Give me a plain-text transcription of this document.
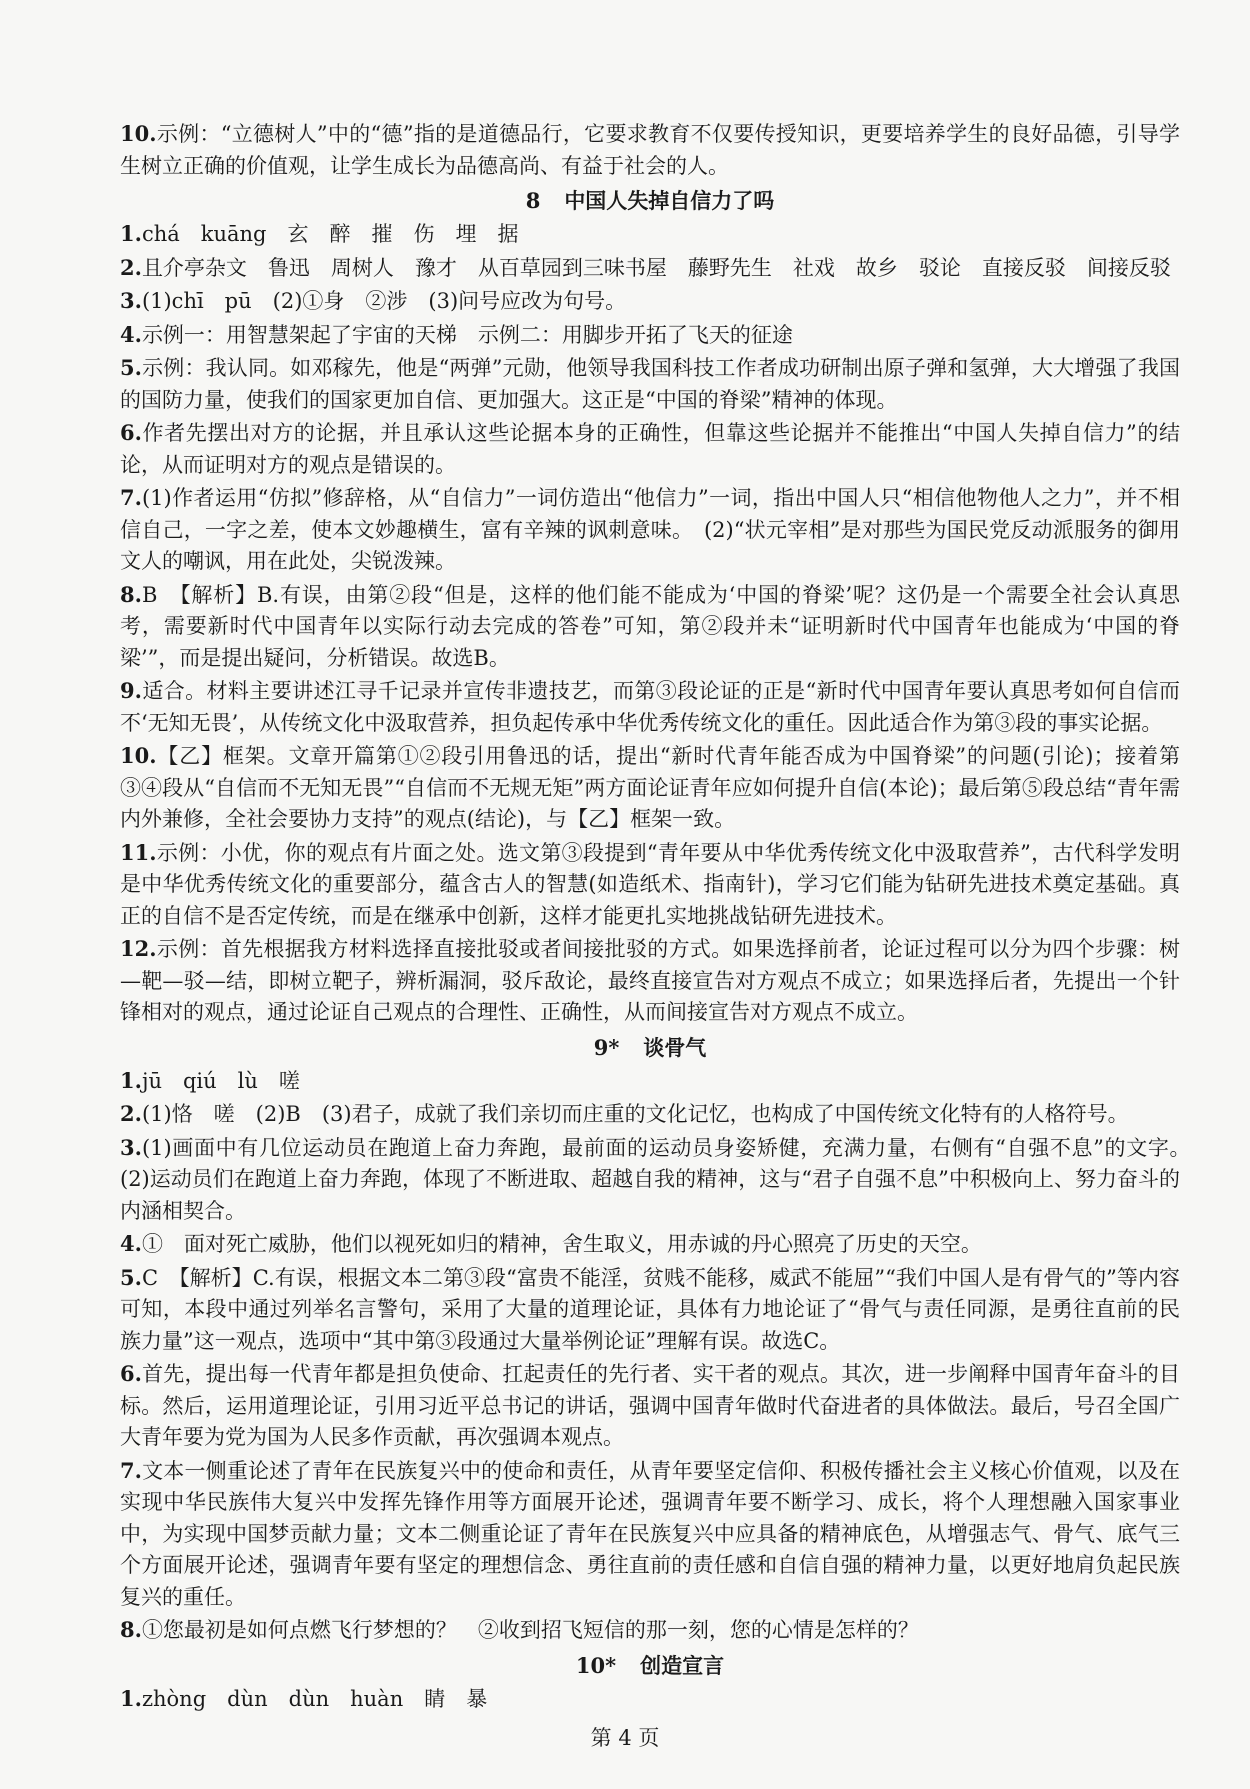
10.示例：“立德树人”中的“德”指的是道德品行，它要求教育不仅要传授知识，更要培养学生的良好品德，引导学生树立正确的价值观，让学生成长为品德高尚、有益于社会的人。
8 中国人失掉自信力了吗
1.chá　kuāng　玄　醉　摧　伤　埋　据
2.且介亭杂文　鲁迅　周树人　豫才　从百草园到三味书屋　藤野先生　社戏　故乡　驳论　直接反驳　间接反驳
3.(1)chī　pū　(2)①身　②涉　(3)问号应改为句号。
4.示例一：用智慧架起了宇宙的天梯　示例二：用脚步开拓了飞天的征途
5.示例：我认同。如邓稼先，他是“两弹”元勋，他领导我国科技工作者成功研制出原子弹和氢弹，大大增强了我国的国防力量，使我们的国家更加自信、更加强大。这正是“中国的脊梁”精神的体现。
6.作者先摆出对方的论据，并且承认这些论据本身的正确性，但靠这些论据并不能推出“中国人失掉自信力”的结论，从而证明对方的观点是错误的。
7.(1)作者运用“仿拟”修辞格，从“自信力”一词仿造出“他信力”一词，指出中国人只“相信他物他人之力”，并不相信自己，一字之差，使本文妙趣横生，富有辛辣的讽刺意味。　(2)“状元宰相”是对那些为国民党反动派服务的御用文人的嘲讽，用在此处，尖锐泼辣。
8.B　【解析】B.有误，由第②段“但是，这样的他们能不能成为‘中国的脊梁’呢？这仍是一个需要全社会认真思考，需要新时代中国青年以实际行动去完成的答卷”可知，第②段并未“证明新时代中国青年也能成为‘中国的脊梁’”，而是提出疑问，分析错误。故选B。
9.适合。材料主要讲述江寻千记录并宣传非遗技艺，而第③段论证的正是“新时代中国青年要认真思考如何自信而不‘无知无畏’，从传统文化中汲取营养，担负起传承中华优秀传统文化的重任。因此适合作为第③段的事实论据。
10.【乙】框架。文章开篇第①②段引用鲁迅的话，提出“新时代青年能否成为中国脊梁”的问题(引论)；接着第③④段从“自信而不无知无畏”“自信而不无规无矩”两方面论证青年应如何提升自信(本论)；最后第⑤段总结“青年需内外兼修，全社会要协力支持”的观点(结论)，与【乙】框架一致。
11.示例：小优，你的观点有片面之处。选文第③段提到“青年要从中华优秀传统文化中汲取营养”，古代科学发明是中华优秀传统文化的重要部分，蕴含古人的智慧(如造纸术、指南针)，学习它们能为钻研先进技术奠定基础。真正的自信不是否定传统，而是在继承中创新，这样才能更扎实地挑战钻研先进技术。
12.示例：首先根据我方材料选择直接批驳或者间接批驳的方式。如果选择前者，论证过程可以分为四个步骤：树—靶—驳—结，即树立靶子，辨析漏洞，驳斥敌论，最终直接宣告对方观点不成立；如果选择后者，先提出一个针锋相对的观点，通过论证自己观点的合理性、正确性，从而间接宣告对方观点不成立。
9* 谈骨气
1.jū　qiú　lù　嗟
2.(1)恪　嗟　(2)B　(3)君子，成就了我们亲切而庄重的文化记忆，也构成了中国传统文化特有的人格符号。
3.(1)画面中有几位运动员在跑道上奋力奔跑，最前面的运动员身姿矫健，充满力量，右侧有“自强不息”的文字。　(2)运动员们在跑道上奋力奔跑，体现了不断进取、超越自我的精神，这与“君子自强不息”中积极向上、努力奋斗的内涵相契合。
4.①　面对死亡威胁，他们以视死如归的精神，舍生取义，用赤诚的丹心照亮了历史的天空。
5.C　【解析】C.有误，根据文本二第③段“富贵不能淫，贫贱不能移，威武不能屈”“我们中国人是有骨气的”等内容可知，本段中通过列举名言警句，采用了大量的道理论证，具体有力地论证了“骨气与责任同源，是勇往直前的民族力量”这一观点，选项中“其中第③段通过大量举例论证”理解有误。故选C。
6.首先，提出每一代青年都是担负使命、扛起责任的先行者、实干者的观点。其次，进一步阐释中国青年奋斗的目标。然后，运用道理论证，引用习近平总书记的讲话，强调中国青年做时代奋进者的具体做法。最后，号召全国广大青年要为党为国为人民多作贡献，再次强调本观点。
7.文本一侧重论述了青年在民族复兴中的使命和责任，从青年要坚定信仰、积极传播社会主义核心价值观，以及在实现中华民族伟大复兴中发挥先锋作用等方面展开论述，强调青年要不断学习、成长，将个人理想融入国家事业中，为实现中国梦贡献力量；文本二侧重论证了青年在民族复兴中应具备的精神底色，从增强志气、骨气、底气三个方面展开论述，强调青年要有坚定的理想信念、勇往直前的责任感和自信自强的精神力量，以更好地肩负起民族复兴的重任。
8.①您最初是如何点燃飞行梦想的？　②收到招飞短信的那一刻，您的心情是怎样的？
10* 创造宣言
1.zhòng　dùn　dùn　huàn　睛　暴
第 4 页
